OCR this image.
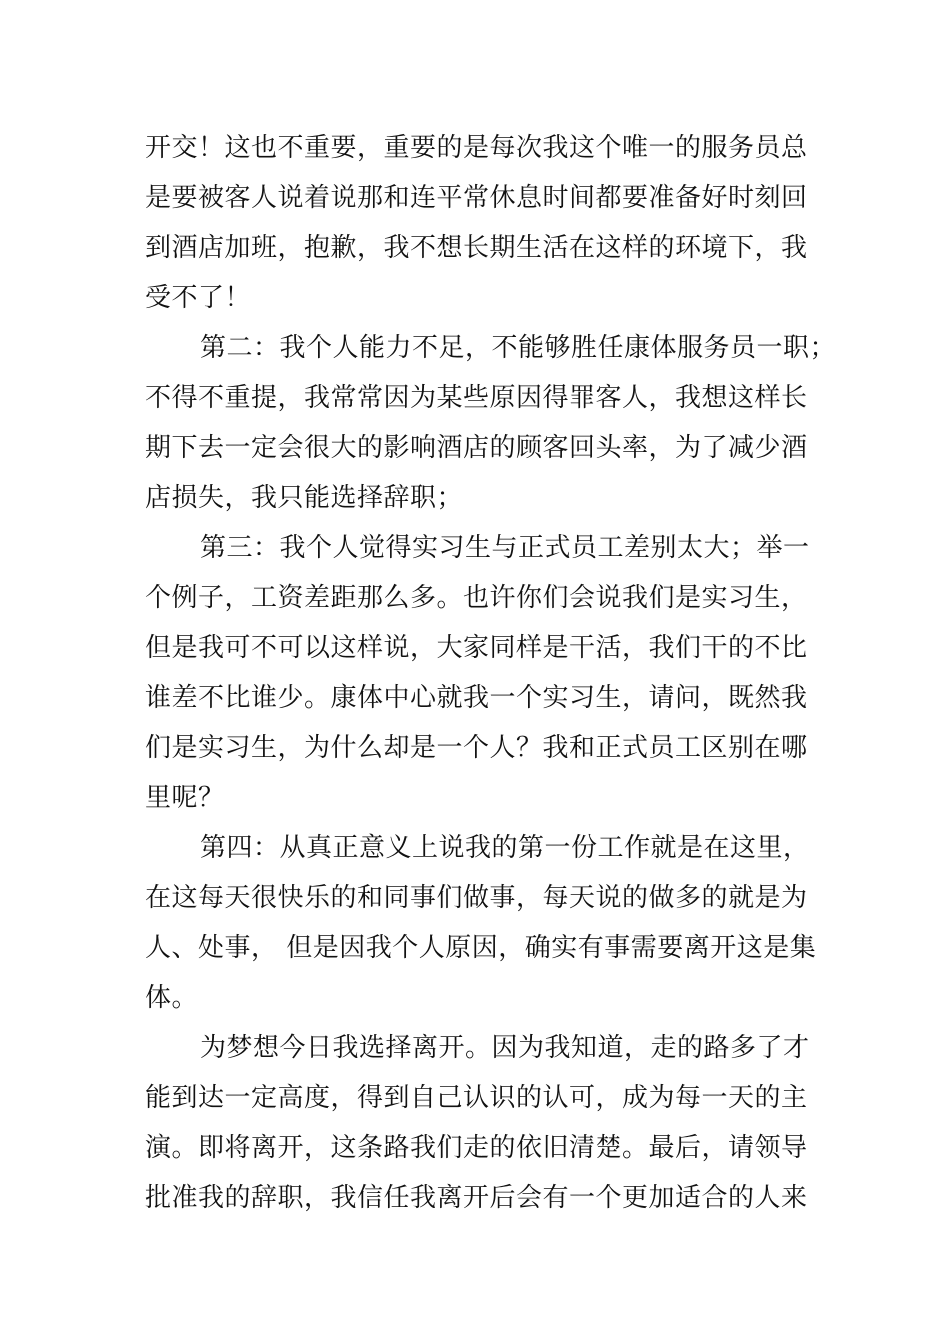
开交！这也不重要，重要的是每次我这个唯一的服务员总
是要被客人说着说那和连平常休息时间都要准备好时刻回
到酒店加班，抱歉，我不想长期生活在这样的环境下，我
受不了！
第二：我个人能力不足，不能够胜任康体服务员一职；
不得不重提，我常常因为某些原因得罪客人，我想这样长
期下去一定会很大的影响酒店的顾客回头率，为了减少酒
店损失，我只能选择辞职；
第三：我个人觉得实习生与正式员工差别太大；举一
个例子，工资差距那么多。也许你们会说我们是实习生，
但是我可不可以这样说，大家同样是干活，我们干的不比
谁差不比谁少。康体中心就我一个实习生，请问，既然我
们是实习生，为什么却是一个人？我和正式员工区别在哪
里呢？
第四：从真正意义上说我的第一份工作就是在这里，
在这每天很快乐的和同事们做事，每天说的做多的就是为
人、处事， 但是因我个人原因，确实有事需要离开这是集
体。
为梦想今日我选择离开。因为我知道，走的路多了才
能到达一定高度，得到自己认识的认可，成为每一天的主
演。即将离开，这条路我们走的依旧清楚。最后，请领导
批准我的辞职，我信任我离开后会有一个更加适合的人来
